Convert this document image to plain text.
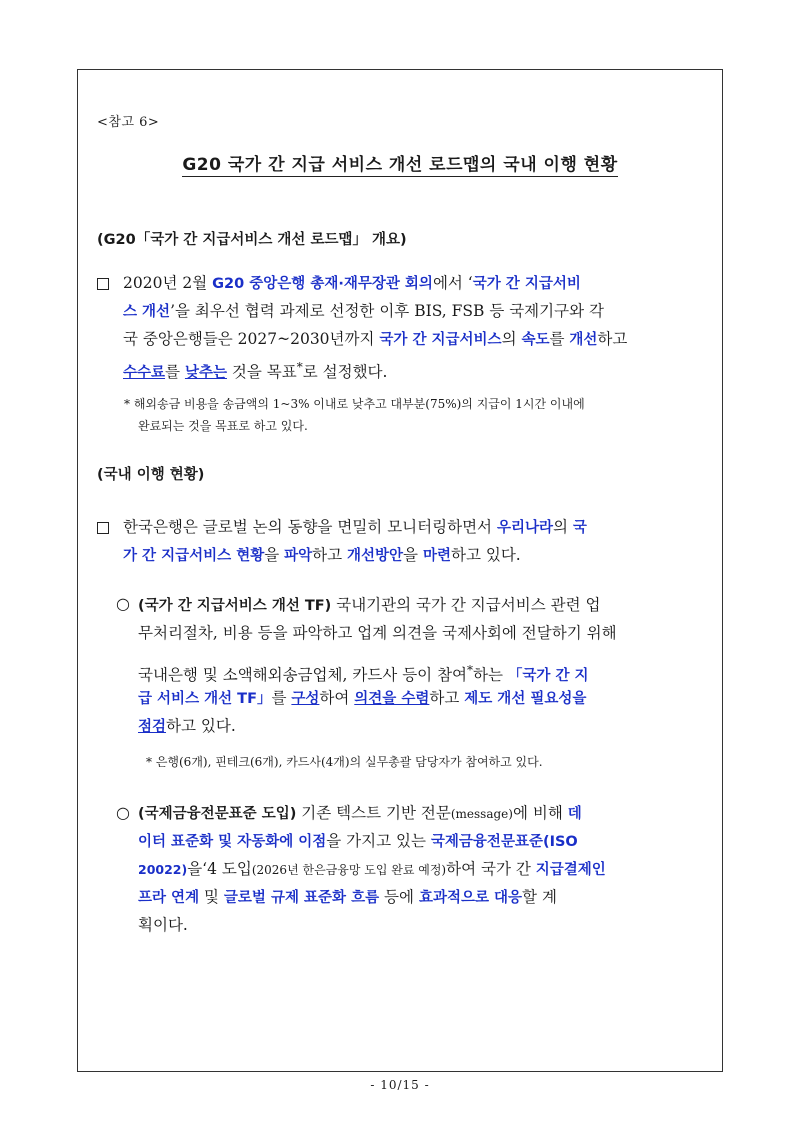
<참고 6>
G20 국가 간 지급 서비스 개선 로드맵의 국내 이행 현황
(G20「국가 간 지급서비스 개선 로드맵」 개요)
2020년 2월 G20 중앙은행 총재·재무장관 회의에서 ‘국가 간 지급서비
스 개선’을 최우선 협력 과제로 선정한 이후 BIS, FSB 등 국제기구와 각
국 중앙은행들은 2027~2030년까지 국가 간 지급서비스의 속도를 개선하고
수수료를 낮추는 것을 목표*로 설정했다.
* 해외송금 비용을 송금액의 1~3% 이내로 낮추고 대부분(75%)의 지급이 1시간 이내에
완료되는 것을 목표로 하고 있다.
(국내 이행 현황)
한국은행은 글로벌 논의 동향을 면밀히 모니터링하면서 우리나라의 국
가 간 지급서비스 현황을 파악하고 개선방안을 마련하고 있다.
○ (국가 간 지급서비스 개선 TF) 국내기관의 국가 간 지급서비스 관련 업
무처리절차, 비용 등을 파악하고 업계 의견을 국제사회에 전달하기 위해
국내은행 및 소액해외송금업체, 카드사 등이 참여*하는 「국가 간 지
급 서비스 개선 TF」를 구성하여 의견을 수렴하고 제도 개선 필요성을
점검하고 있다.
* 은행(6개), 핀테크(6개), 카드사(4개)의 실무총괄 담당자가 참여하고 있다.
○ (국제금융전문표준 도입) 기존 텍스트 기반 전문(message)에 비해 데
이터 표준화 및 자동화에 이점을 가지고 있는 국제금융전문표준(ISO
20022)을‘4 도입(2026년 한은금융망 도입 완료 예정)하여 국가 간 지급결제인
프라 연계 및 글로벌 규제 표준화 흐름 등에 효과적으로 대응할 계
획이다.
- 10/15 -
